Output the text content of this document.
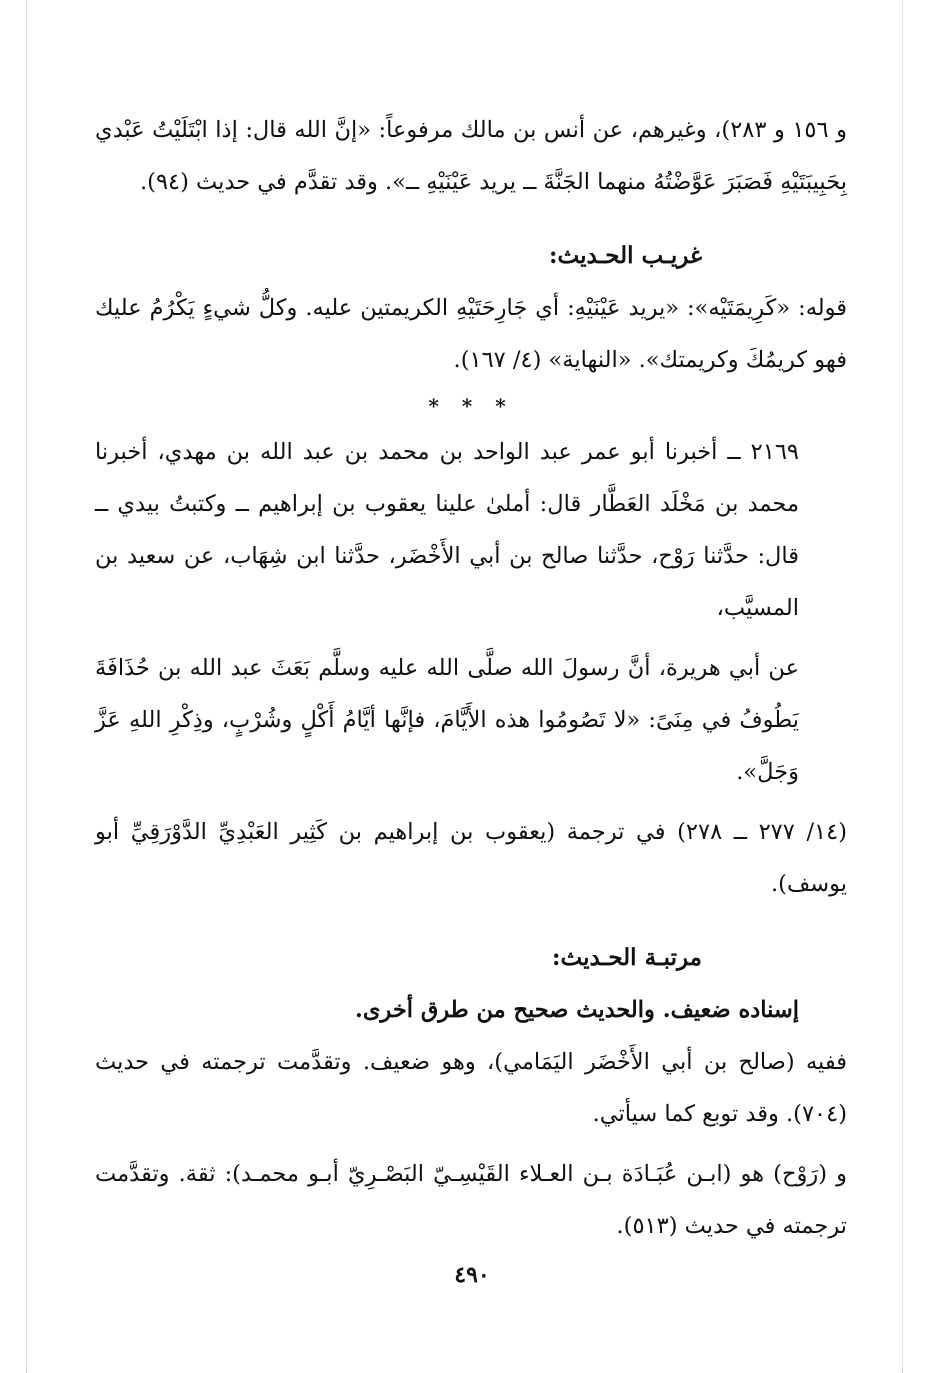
و ١٥٦ و ٢٨٣)، وغيرهم، عن أنس بن مالك مرفوعاً: «إنَّ الله قال: إذا ابْتَلَيْتُ عَبْدي بِحَبِيبَتَيْهِ فَصَبَرَ عَوَّضْتُهُ منهما الجَنَّةَ ــ يريد عَيْنَيْهِ ــ». وقد تقدَّم في حديث (٩٤).

غريـب الحـديث:

قوله: «كَرِيمَتَيْه»: «يريد عَيْنَيْهِ: أي جَارِحَتَيْهِ الكريمتين عليه. وكلُّ شيءٍ يَكْرُمُ عليك فهو كريمُكَ وكريمتك». «النهاية» (٤/ ١٦٧).

* * *

٢١٦٩ ــ أخبرنا أبو عمر عبد الواحد بن محمد بن عبد الله بن مهدي، أخبرنا محمد بن مَخْلَد العَطَّار قال: أملىٰ علينا يعقوب بن إبراهيم ــ وكتبتُ بيدي ــ قال: حدَّثنا رَوْح، حدَّثنا صالح بن أبي الأَخْضَر، حدَّثنا ابن شِهَاب، عن سعيد بن المسيَّب،

عن أبي هريرة، أنَّ رسولَ الله صلَّى الله عليه وسلَّم بَعَثَ عبد الله بن حُذَافَةَ يَطُوفُ في مِنَىً: «لا تَصُومُوا هذه الأَيَّامَ، فإنَّها أيَّامُ أَكْلٍ وشُرْبٍ، وذِكْرِ اللهِ عَزَّ وَجَلَّ».

(١٤/ ٢٧٧ ــ ٢٧٨) في ترجمة (يعقوب بن إبراهيم بن كَثِير العَبْدِيِّ الدَّوْرَقِيِّ أبو يوسف).

مرتبـة الحـديث:

إسناده ضعيف. والحديث صحيح من طرق أخرى.

ففيه (صالح بن أبي الأَخْضَر اليَمَامي)، وهو ضعيف. وتقدَّمت ترجمته في حديث (٧٠٤). وقد توبع كما سيأتي.

و (رَوْح) هو (ابـن عُبَـادَة بـن العـلاء القَيْسِـيّ البَصْـرِيّ أبـو محمـد): ثقة. وتقدَّمت ترجمته في حديث (٥١٣).

٤٩٠
